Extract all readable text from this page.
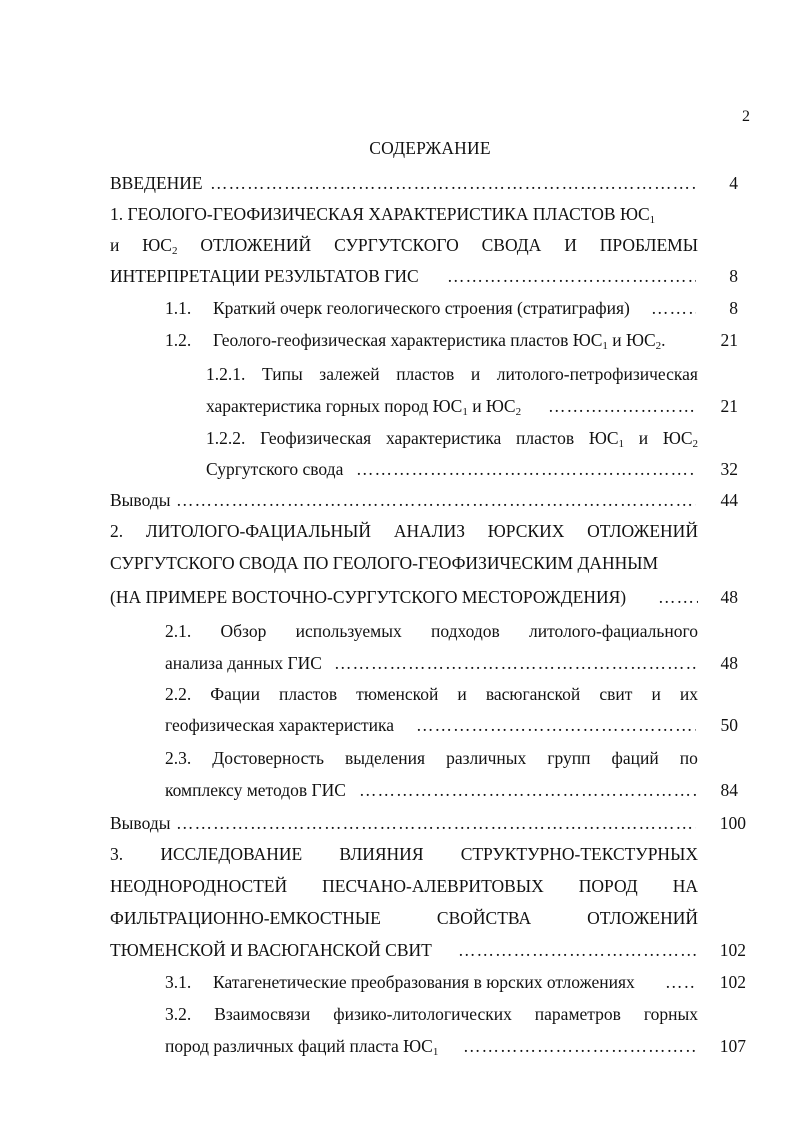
2
СОДЕРЖАНИЕ
ВВЕДЕНИЕ ……………………………………………………………………………………………………………………………………	4
1. ГЕОЛОГО-ГЕОФИЗИЧЕСКАЯ ХАРАКТЕРИСТИКА ПЛАСТОВ $ЮС_1$
и $ЮС_2$ ОТЛОЖЕНИЙ СУРГУТСКОГО СВОДА И ПРОБЛЕМЫ
ИНТЕРПРЕТАЦИИ РЕЗУЛЬТАТОВ ГИС ……………………………………………………………………………………………………………………………………	8
1.1. Краткий очерк геологического строения (стратиграфия) ……………………………………………………………………………………………………………………………………	8
1.2. Геолого-геофизическая характеристика пластов $ЮС_1$ и $ЮС_2$.	21
1.2.1. Типы залежей пластов и литолого-петрофизическая
характеристика горных пород $ЮС_1$ и $ЮС_2$ ……………………………………………………………………………………………………………………………………	21
1.2.2. Геофизическая характеристика пластов $ЮС_1$ и $ЮС_2$
Сургутского свода ……………………………………………………………………………………………………………………………………	32
Выводы ……………………………………………………………………………………………………………………………………	44
2. ЛИТОЛОГО-ФАЦИАЛЬНЫЙ АНАЛИЗ ЮРСКИХ ОТЛОЖЕНИЙ
СУРГУТСКОГО СВОДА ПО ГЕОЛОГО-ГЕОФИЗИЧЕСКИМ ДАННЫМ
(НА ПРИМЕРЕ ВОСТОЧНО-СУРГУТСКОГО МЕСТОРОЖДЕНИЯ) ……………………………………………………………………………………………………………………………………	48
2.1. Обзор используемых подходов литолого-фациального
анализа данных ГИС ……………………………………………………………………………………………………………………………………	48
2.2. Фации пластов тюменской и васюганской свит и их
геофизическая характеристика ……………………………………………………………………………………………………………………………………	50
2.3. Достоверность выделения различных групп фаций по
комплексу методов ГИС ……………………………………………………………………………………………………………………………………	84
Выводы ……………………………………………………………………………………………………………………………………	100
3. ИССЛЕДОВАНИЕ ВЛИЯНИЯ СТРУКТУРНО-ТЕКСТУРНЫХ
НЕОДНОРОДНОСТЕЙ ПЕСЧАНО-АЛЕВРИТОВЫХ ПОРОД НА
ФИЛЬТРАЦИОННО-ЕМКОСТНЫЕ	СВОЙСТВА	ОТЛОЖЕНИЙ
ТЮМЕНСКОЙ И ВАСЮГАНСКОЙ СВИТ ……………………………………………………………………………………………………………………………………	102
3.1. Катагенетические преобразования в юрских отложениях ……………………………………………………………………………………………………………………………………	102
3.2. Взаимосвязи физико-литологических параметров горных
пород различных фаций пласта $ЮС_1$ ……………………………………………………………………………………………………………………………………	107
